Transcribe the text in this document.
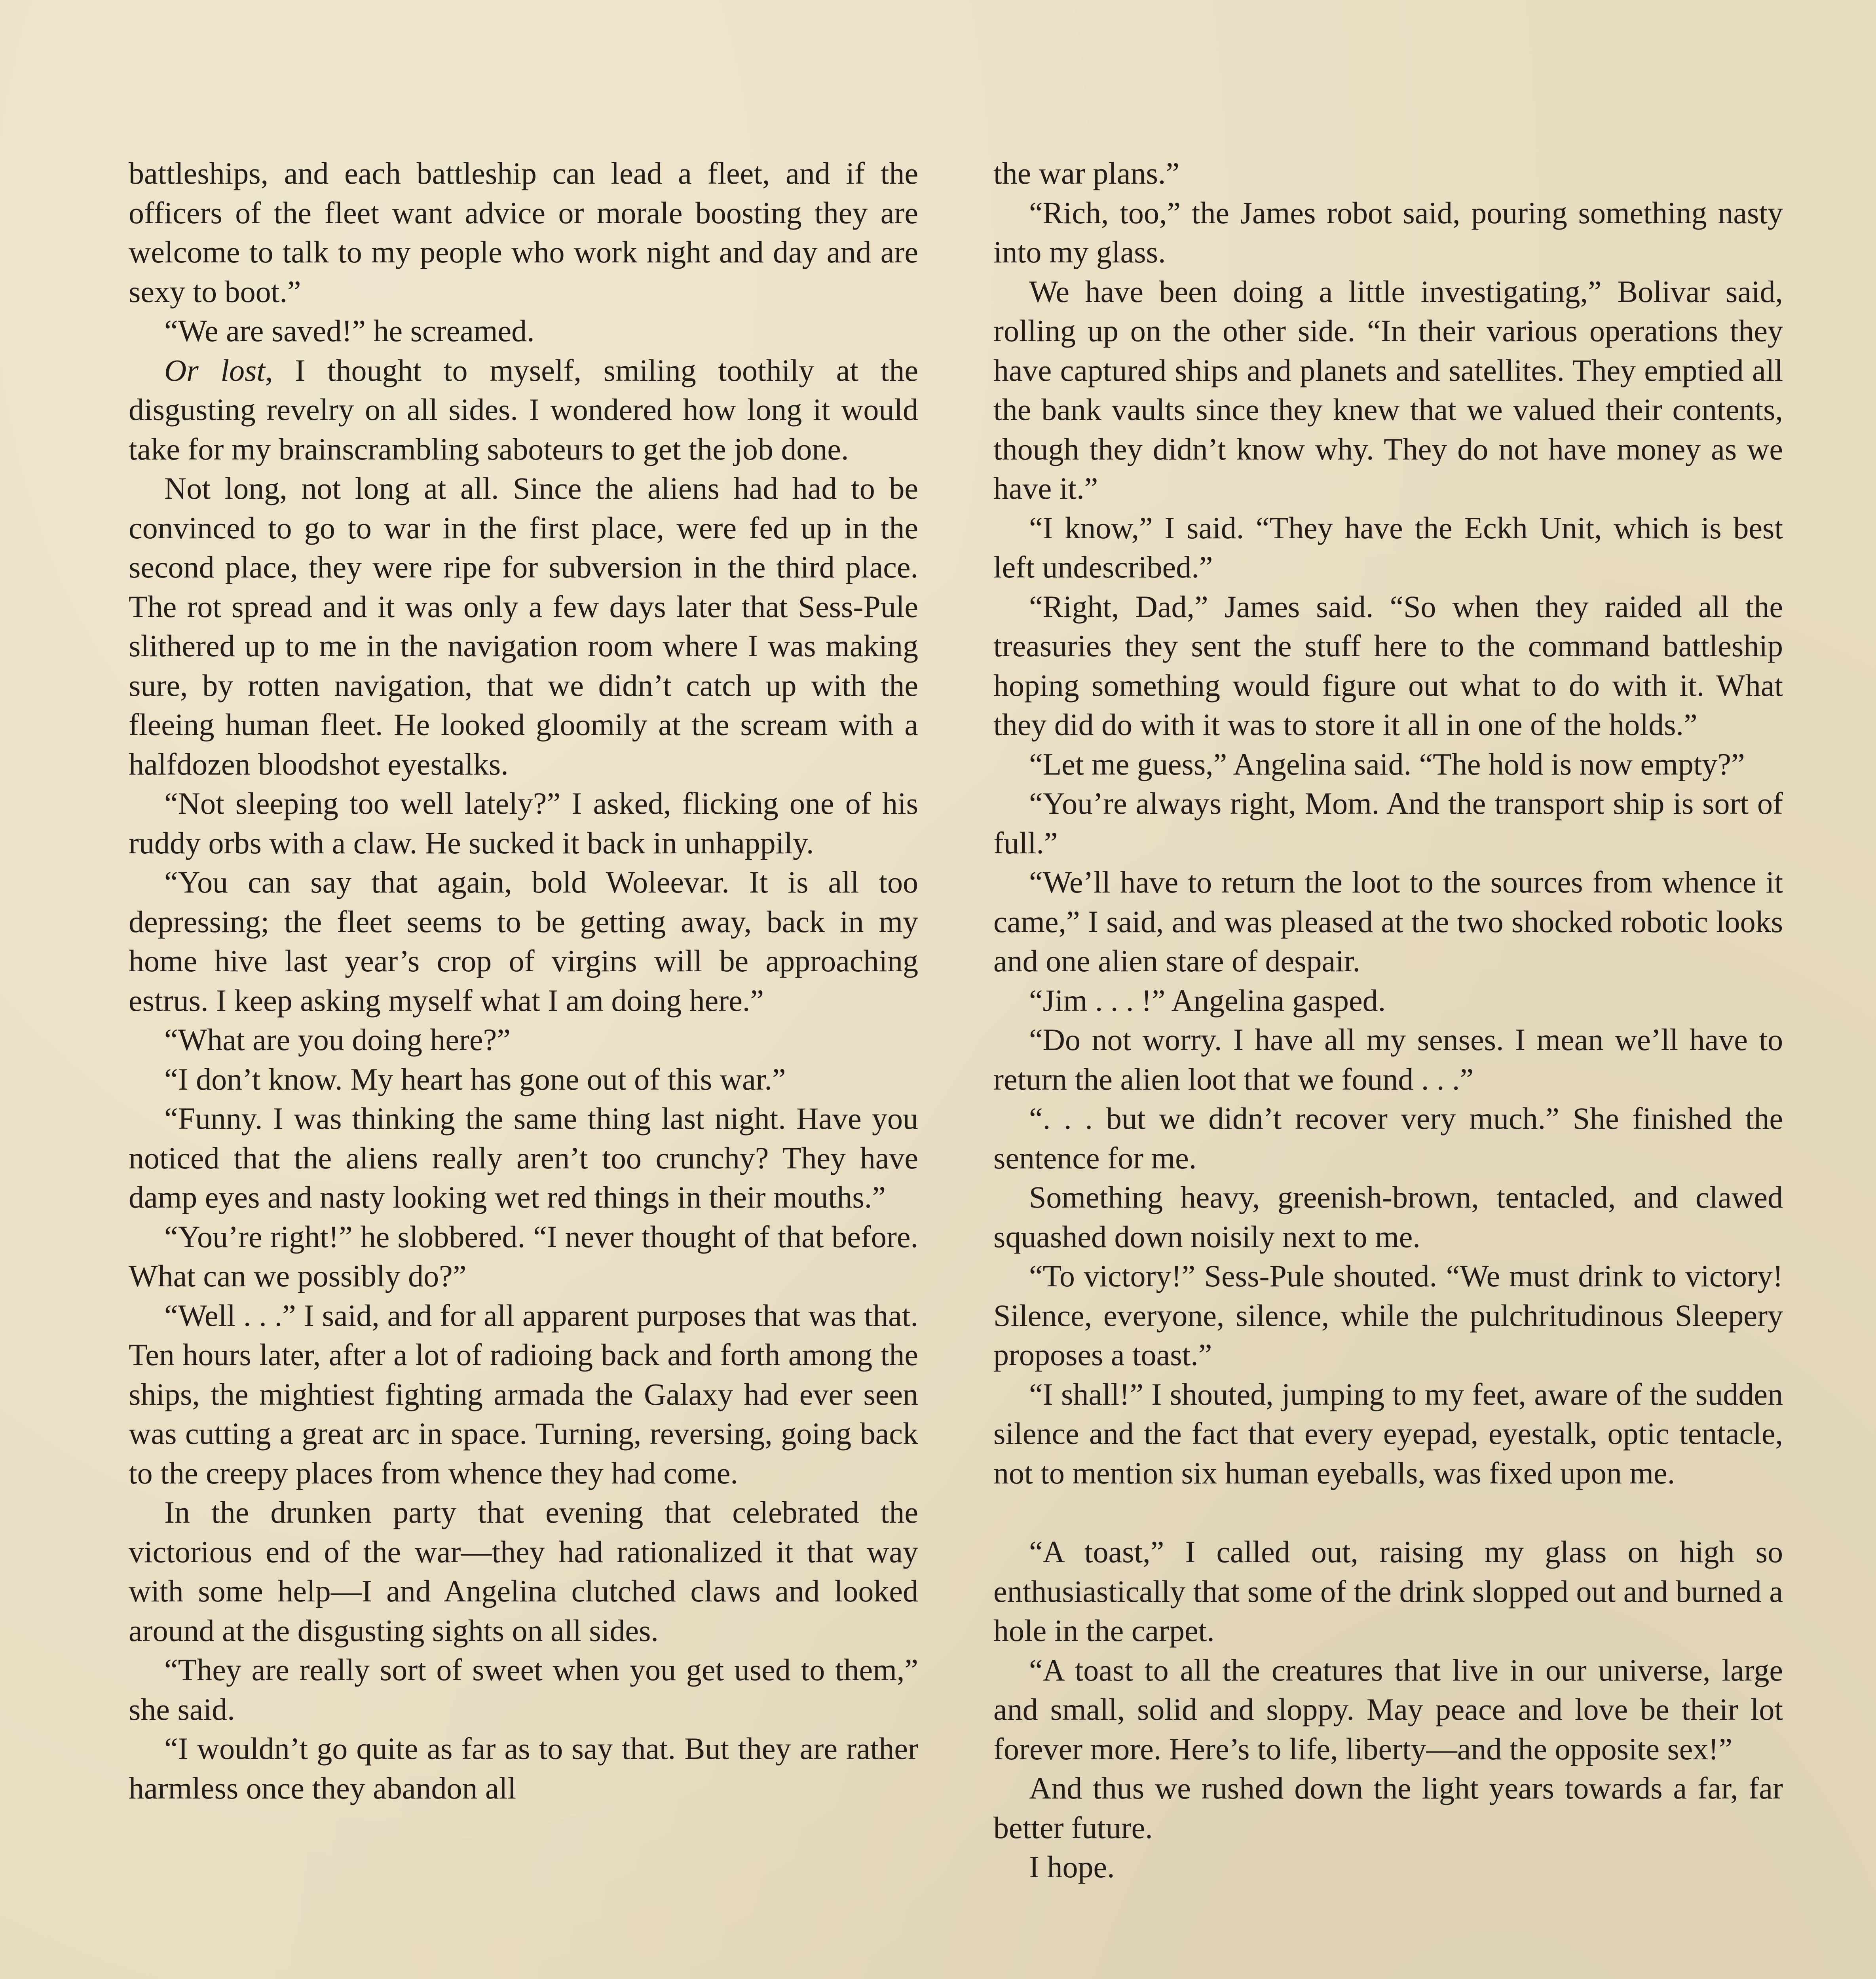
battleships, and each battleship can lead a fleet, and if the officers of the fleet want advice or morale boosting they are welcome to talk to my people who work night and day and are sexy to boot.”

“We are saved!” he screamed.

Or lost, I thought to myself, smiling toothily at the disgusting revelry on all sides. I wondered how long it would take for my brainscrambling saboteurs to get the job done.

Not long, not long at all. Since the aliens had had to be convinced to go to war in the first place, were fed up in the second place, they were ripe for subversion in the third place. The rot spread and it was only a few days later that Sess-Pule slithered up to me in the navigation room where I was making sure, by rotten navigation, that we didn’t catch up with the fleeing human fleet. He looked gloomily at the scream with a halfdozen bloodshot eyestalks.

“Not sleeping too well lately?” I asked, flicking one of his ruddy orbs with a claw. He sucked it back in unhappily.

“You can say that again, bold Woleevar. It is all too depressing; the fleet seems to be getting away, back in my home hive last year’s crop of virgins will be approaching estrus. I keep asking myself what I am doing here.”

“What are you doing here?”

“I don’t know. My heart has gone out of this war.”

“Funny. I was thinking the same thing last night. Have you noticed that the aliens really aren’t too crunchy? They have damp eyes and nasty looking wet red things in their mouths.”

“You’re right!” he slobbered. “I never thought of that before. What can we possibly do?”

“Well . . .” I said, and for all apparent purposes that was that. Ten hours later, after a lot of radioing back and forth among the ships, the mightiest fighting armada the Galaxy had ever seen was cutting a great arc in space. Turning, reversing, going back to the creepy places from whence they had come.

In the drunken party that evening that celebrated the victorious end of the war—they had rationalized it that way with some help—I and Angelina clutched claws and looked around at the disgusting sights on all sides.

“They are really sort of sweet when you get used to them,” she said.

“I wouldn’t go quite as far as to say that. But they are rather harmless once they abandon all

the war plans.”

“Rich, too,” the James robot said, pouring something nasty into my glass.

We have been doing a little investigating,” Bolivar said, rolling up on the other side. “In their various operations they have captured ships and planets and satellites. They emptied all the bank vaults since they knew that we valued their contents, though they didn’t know why. They do not have money as we have it.”

“I know,” I said. “They have the Eckh Unit, which is best left undescribed.”

“Right, Dad,” James said. “So when they raided all the treasuries they sent the stuff here to the command battleship hoping something would figure out what to do with it. What they did do with it was to store it all in one of the holds.”

“Let me guess,” Angelina said. “The hold is now empty?”

“You’re always right, Mom. And the transport ship is sort of full.”

“We’ll have to return the loot to the sources from whence it came,” I said, and was pleased at the two shocked robotic looks and one alien stare of despair.

“Jim . . . !” Angelina gasped.

“Do not worry. I have all my senses. I mean we’ll have to return the alien loot that we found . . .”

“. . . but we didn’t recover very much.” She finished the sentence for me.

Something heavy, greenish-brown, tentacled, and clawed squashed down noisily next to me.

“To victory!” Sess-Pule shouted. “We must drink to victory! Silence, everyone, silence, while the pulchritudinous Sleepery proposes a toast.”

“I shall!” I shouted, jumping to my feet, aware of the sudden silence and the fact that every eyepad, eyestalk, optic tentacle, not to mention six human eyeballs, was fixed upon me.

“A toast,” I called out, raising my glass on high so enthusiastically that some of the drink slopped out and burned a hole in the carpet.

“A toast to all the creatures that live in our universe, large and small, solid and sloppy. May peace and love be their lot forever more. Here’s to life, liberty—and the opposite sex!”

And thus we rushed down the light years towards a far, far better future.

I hope.
